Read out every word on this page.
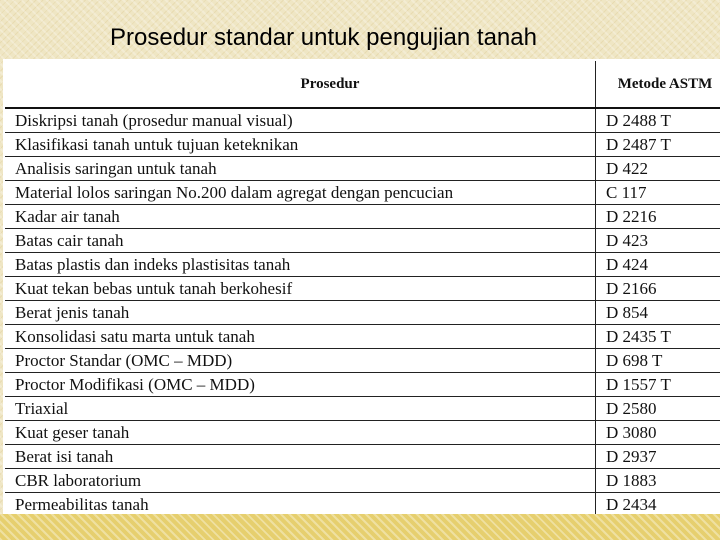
Prosedur standar untuk pengujian tanah
Prosedur	Metode ASTM
Diskripsi tanah (prosedur manual visual)	D 2488 T
Klasifikasi tanah untuk tujuan keteknikan	D 2487 T
Analisis saringan untuk tanah	D 422
Material lolos saringan No.200 dalam agregat dengan pencucian	C 117
Kadar air tanah	D 2216
Batas cair tanah	D 423
Batas plastis dan indeks plastisitas tanah	D 424
Kuat tekan bebas untuk tanah berkohesif	D 2166
Berat jenis tanah	D 854
Konsolidasi satu marta untuk tanah	D 2435 T
Proctor Standar (OMC – MDD)	D 698 T
Proctor Modifikasi (OMC – MDD)	D 1557 T
Triaxial	D 2580
Kuat geser tanah	D 3080
Berat isi tanah	D 2937
CBR laboratorium	D 1883
Permeabilitas tanah	D 2434
